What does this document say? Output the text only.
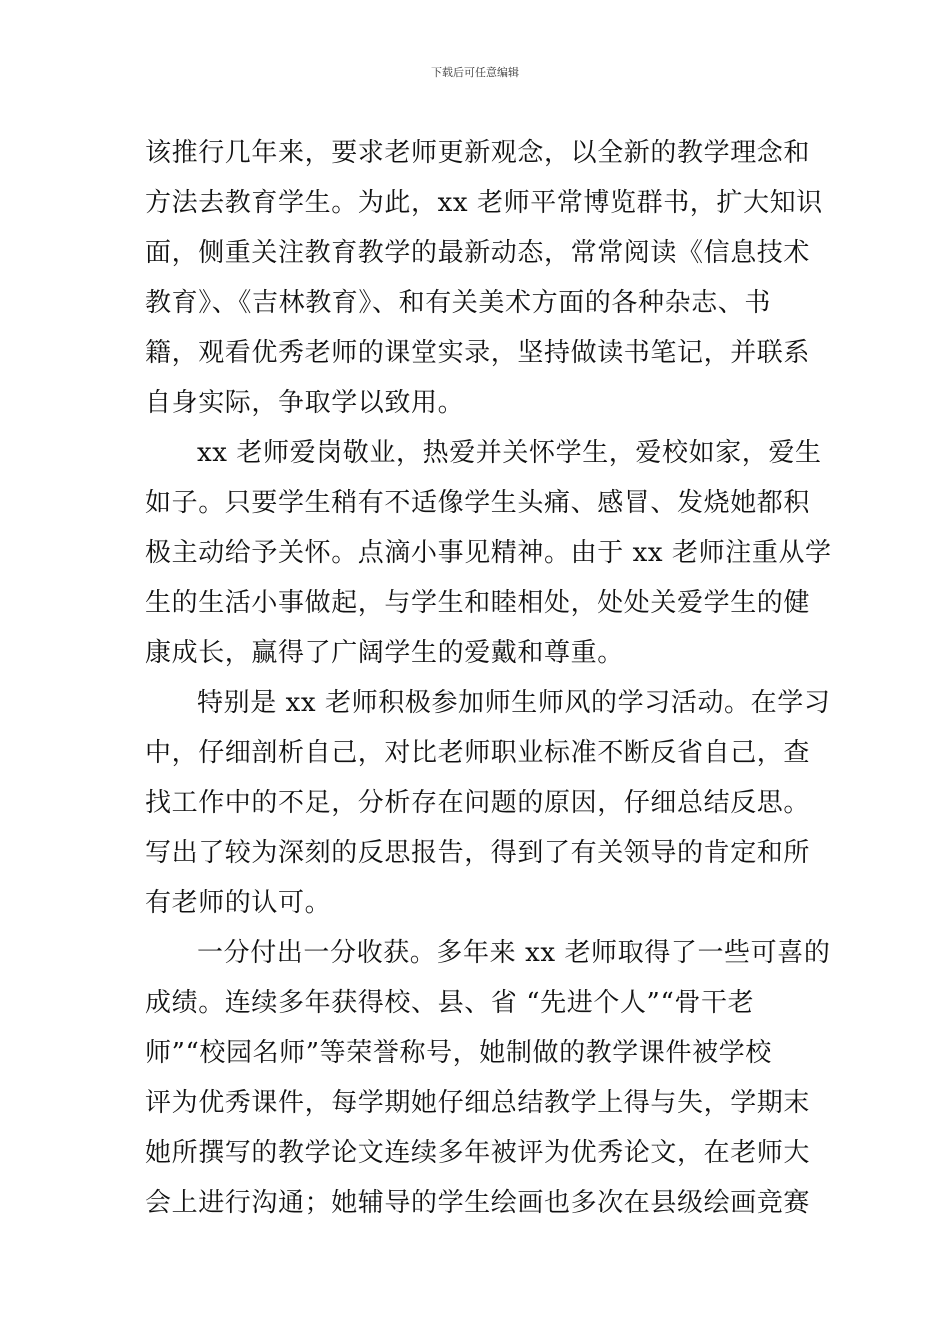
下载后可任意编辑
该推行几年来，要求老师更新观念，以全新的教学理念和
方法去教育学生。为此，xx 老师平常博览群书，扩大知识
面，侧重关注教育教学的最新动态，常常阅读《信息技术
教育》、《吉林教育》、和有关美术方面的各种杂志、书
籍，观看优秀老师的课堂实录，坚持做读书笔记，并联系
自身实际，争取学以致用。
xx 老师爱岗敬业，热爱并关怀学生，爱校如家，爱生
如子。只要学生稍有不适像学生头痛、感冒、发烧她都积
极主动给予关怀。点滴小事见精神。由于 xx 老师注重从学
生的生活小事做起，与学生和睦相处，处处关爱学生的健
康成长，赢得了广阔学生的爱戴和尊重。
特别是 xx 老师积极参加师生师风的学习活动。在学习
中，仔细剖析自己，对比老师职业标准不断反省自己，查
找工作中的不足，分析存在问题的原因，仔细总结反思。
写出了较为深刻的反思报告，得到了有关领导的肯定和所
有老师的认可。
一分付出一分收获。多年来 xx 老师取得了一些可喜的
成绩。连续多年获得校、县、省 “先进个人”“骨干老
师”“校园名师”等荣誉称号，她制做的教学课件被学校
评为优秀课件，每学期她仔细总结教学上得与失，学期末
她所撰写的教学论文连续多年被评为优秀论文，在老师大
会上进行沟通；她辅导的学生绘画也多次在县级绘画竞赛
